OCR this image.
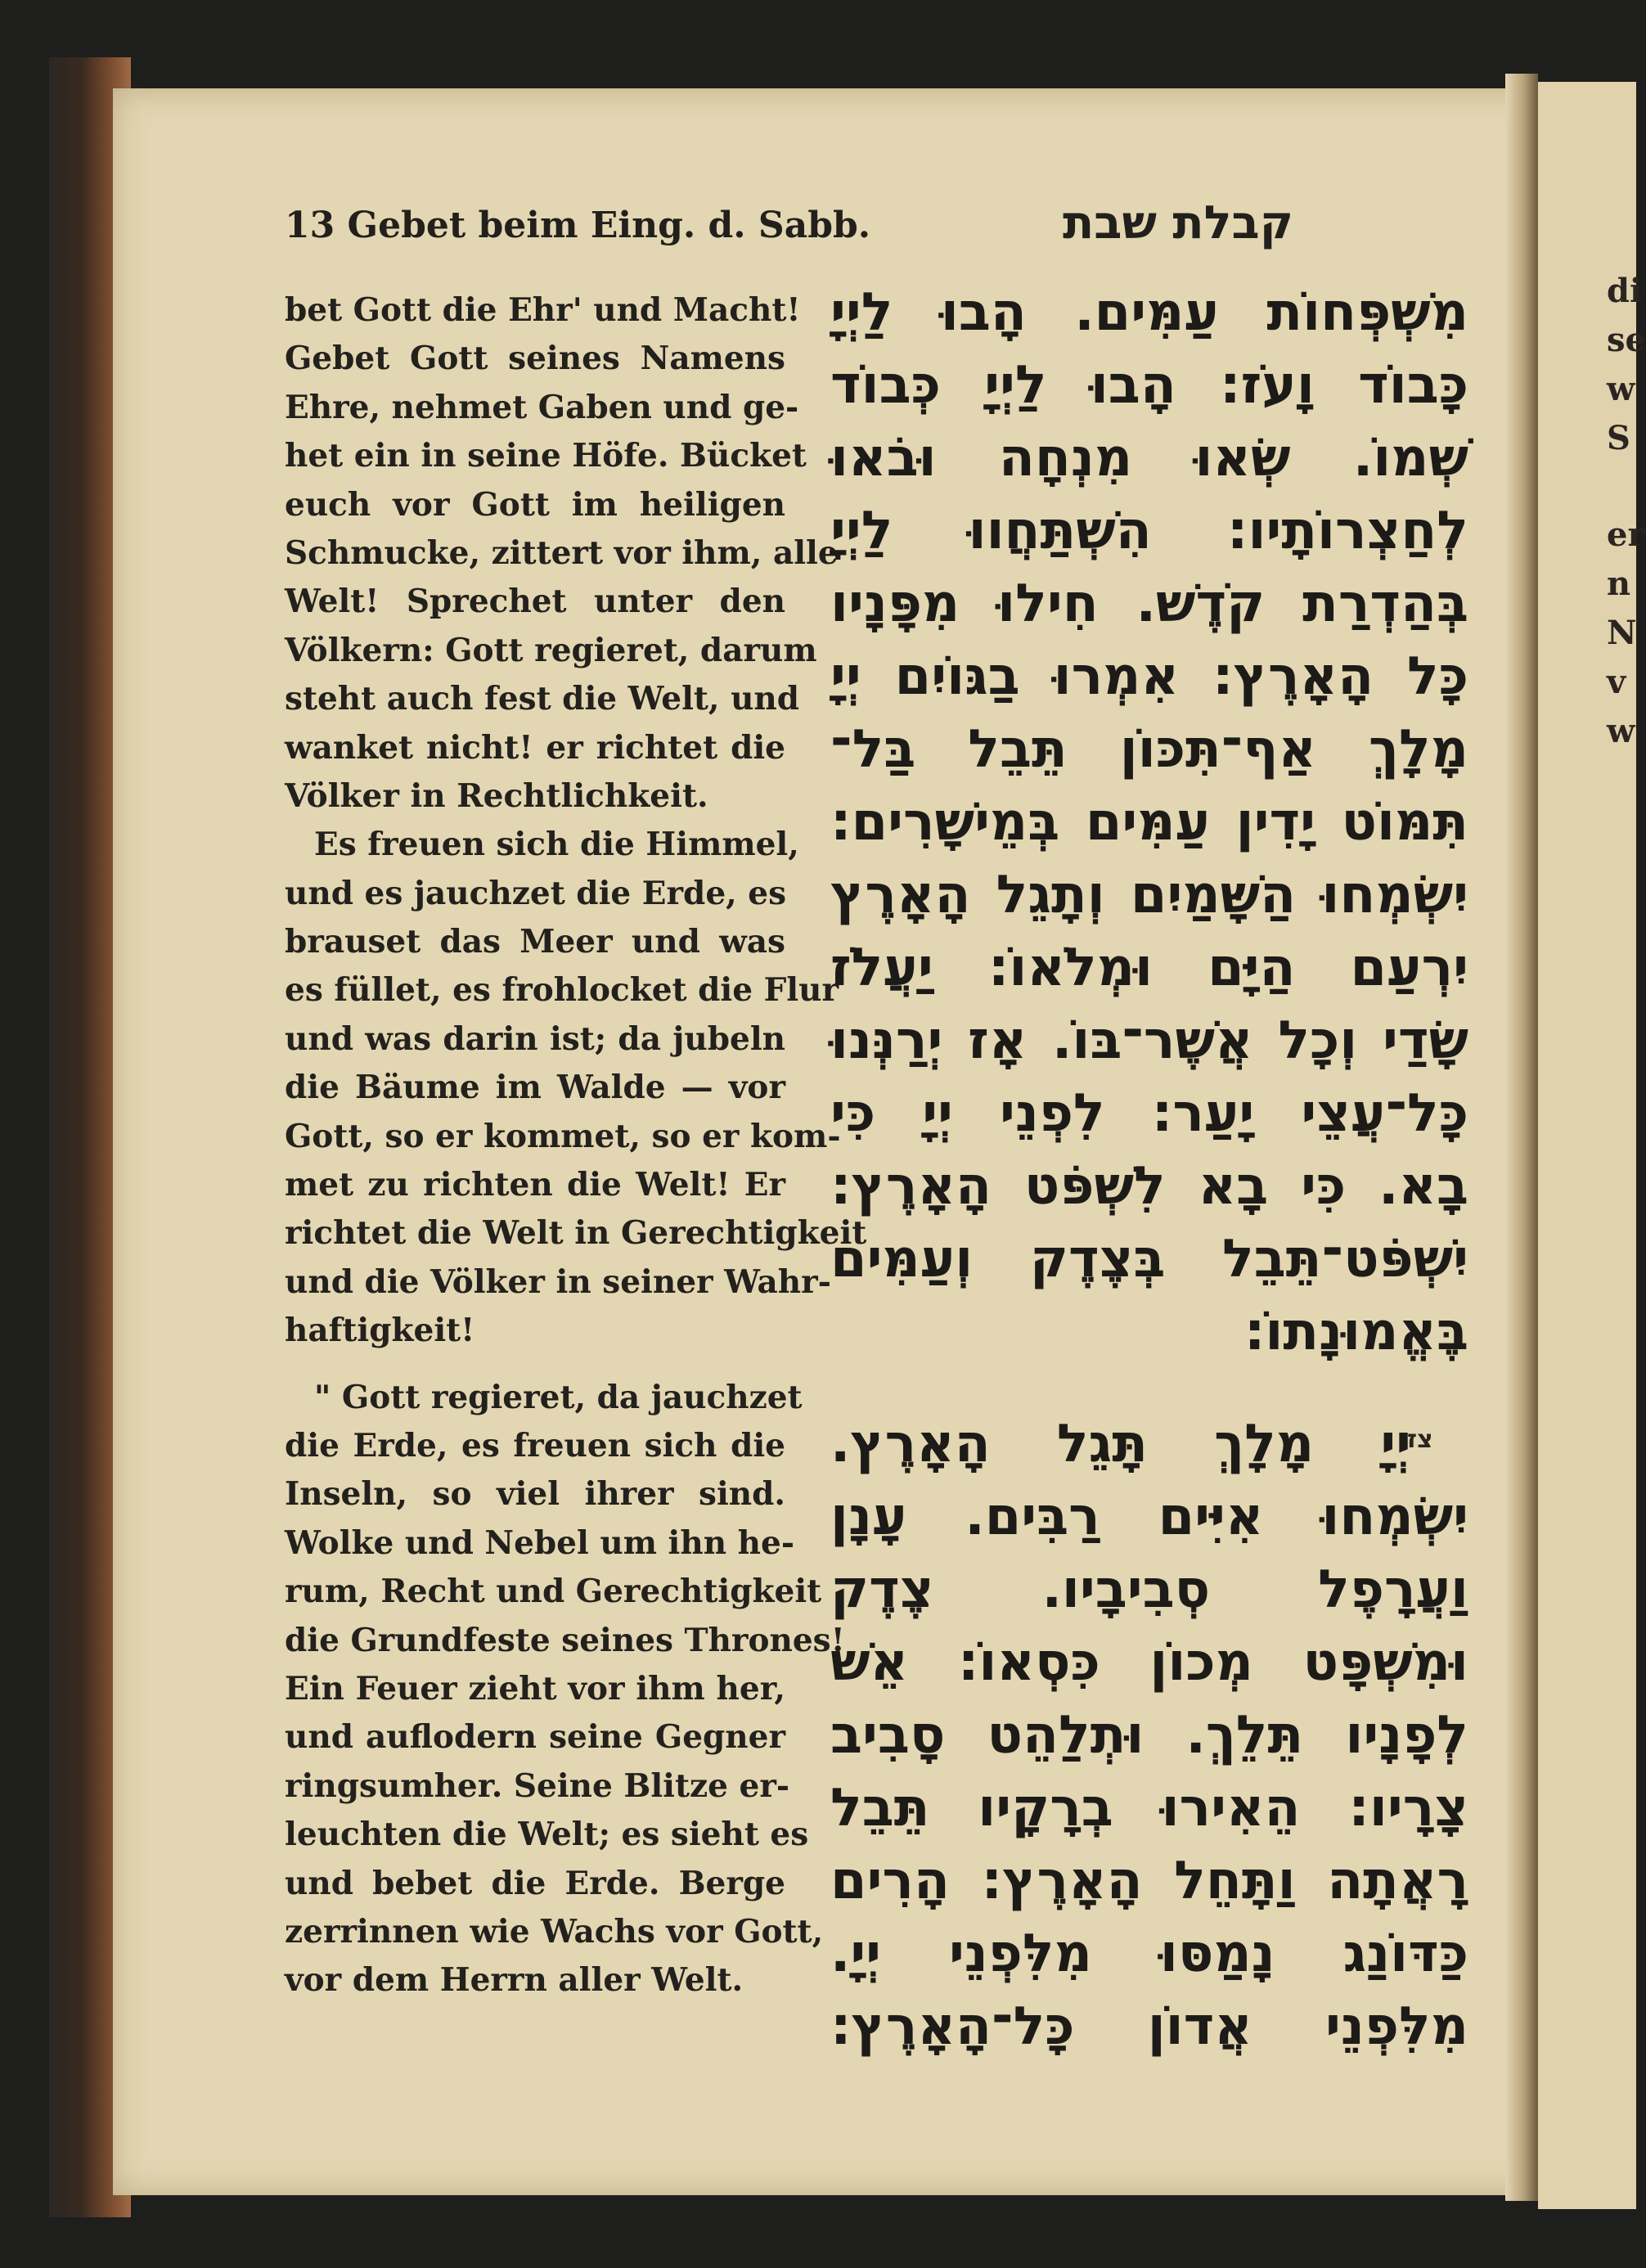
di
se
w
S
er
n
N
v
w
13 Gebet beim Eing. d. Sabb.	קבלת שבת
bet Gott die Ehr' und Macht!
Gebet Gott seines Namens
Ehre, nehmet Gaben und ge-
het ein in seine Höfe. Bücket
euch vor Gott im heiligen
Schmucke, zittert vor ihm, alle
Welt! Sprechet unter den
Völkern: Gott regieret, darum
steht auch fest die Welt, und
wanket nicht! er richtet die
Völker in Rechtlichkeit.
Es freuen sich die Himmel,
und es jauchzet die Erde, es
brauset das Meer und was
es füllet, es frohlocket die Flur
und was darin ist; da jubeln
die Bäume im Walde — vor
Gott, so er kommet, so er kom-
met zu richten die Welt! Er
richtet die Welt in Gerechtigkeit
und die Völker in seiner Wahr-
haftigkeit!
" Gott regieret, da jauchzet
die Erde, es freuen sich die
Inseln, so viel ihrer sind.
Wolke und Nebel um ihn he-
rum, Recht und Gerechtigkeit
die Grundfeste seines Thrones!
Ein Feuer zieht vor ihm her,
und auflodern seine Gegner
ringsumher. Seine Blitze er-
leuchten die Welt; es sieht es
und bebet die Erde. Berge
zerrinnen wie Wachs vor Gott,
vor dem Herrn aller Welt.
מִשְׁפְּחוֹת עַמִּים. הָבוּ לַיְיָ
כָּבוֹד וָעֹז: הָבוּ לַיְיָ כְּבוֹד
שְׁמוֹ. שְׂאוּ מִנְחָה וּבֹאוּ
לְחַצְרוֹתָיו: הִשְׁתַּחֲווּ לַיְיָ
בְּהַדְרַת קֹדֶשׁ. חִילוּ מִפָּנָיו
כָּל הָאָרֶץ: אִמְרוּ בַגּוֹיִם יְיָ
מָלָךְ אַף־תִּכּוֹן תֵּבֵל בַּל־
תִּמּוֹט יָדִין עַמִּים בְּמֵישָׁרִים:
יִשְׂמְחוּ הַשָּׁמַיִם וְתָגֵל הָאָרֶץ
יִרְעַם הַיָּם וּמְלֹאוֹ: יַעֲלֹז
שָׂדַי וְכָל אֲשֶׁר־בּוֹ. אָז יְרַנְּנוּ
כָּל־עֲצֵי יָעַר: לִפְנֵי יְיָ כִּי
בָא. כִּי בָא לִשְׁפֹּט הָאָרֶץ:
יִשְׁפֹּט־תֵּבֵל בְּצֶדֶק וְעַמִּים
בֶּאֱמוּנָתוֹ:
יְיָ מָלָךְ תָּגֵל הָאָרֶץ.
יִשְׂמְחוּ אִיִּים רַבִּים. עָנָן
וַעֲרָפֶל סְבִיבָיו. צֶדֶק
וּמִשְׁפָּט מְכוֹן כִּסְאוֹ: אֵשׁ
לְפָנָיו תֵּלֵךְ. וּתְלַהֵט סָבִיב
צָרָיו: הֵאִירוּ בְרָקָיו תֵּבֵל
רָאֲתָה וַתָּחֵל הָאָרֶץ: הָרִים
כַּדּוֹנַג נָמַסּוּ מִלִּפְנֵי יְיָ.
מִלִּפְנֵי אֲדוֹן כָּל־הָאָרֶץ:
צז
